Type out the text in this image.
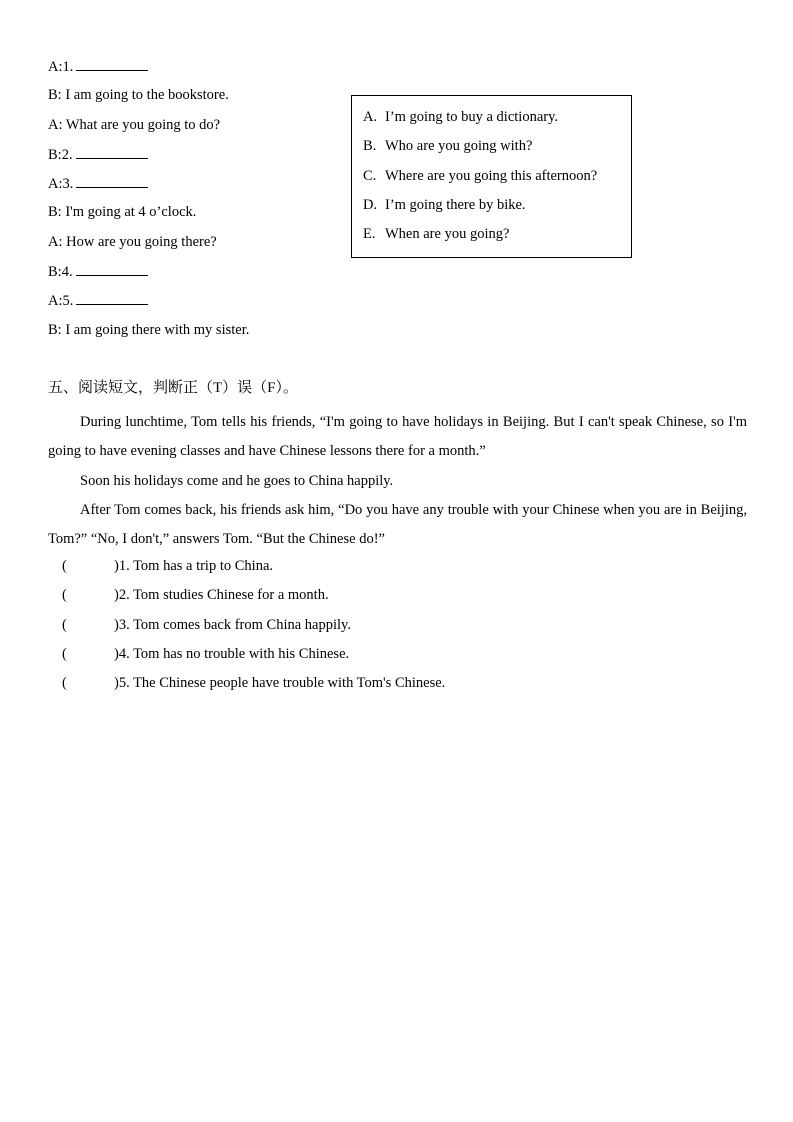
A:1.
B: I am going to the bookstore.
A: What are you going to do?
B:2.
A:3.
B: I'm going at 4 o’clock.
A: How are you going there?
B:4.
A:5.
B: I am going there with my sister.
A. I’m going to buy a dictionary.
B. Who are you going with?
C. Where are you going this afternoon?
D. I’m going there by bike.
E. When are you going?
五、阅读短文，判断正（T）误（F）。

During lunchtime, Tom tells his friends, “I'm going to have holidays in Beijing. But I can't speak Chinese, so I'm going to have evening classes and have Chinese lessons there for a month.”

Soon his holidays come and he goes to China happily.

After Tom comes back, his friends ask him, “Do you have any trouble with your Chinese when you are in Beijing, Tom?” “No, I don't,” answers Tom. “But the Chinese do!”

(	)1. Tom has a trip to China.
(	)2. Tom studies Chinese for a month.
(	)3. Tom comes back from China happily.
(	)4. Tom has no trouble with his Chinese.
(	)5. The Chinese people have trouble with Tom's Chinese.
